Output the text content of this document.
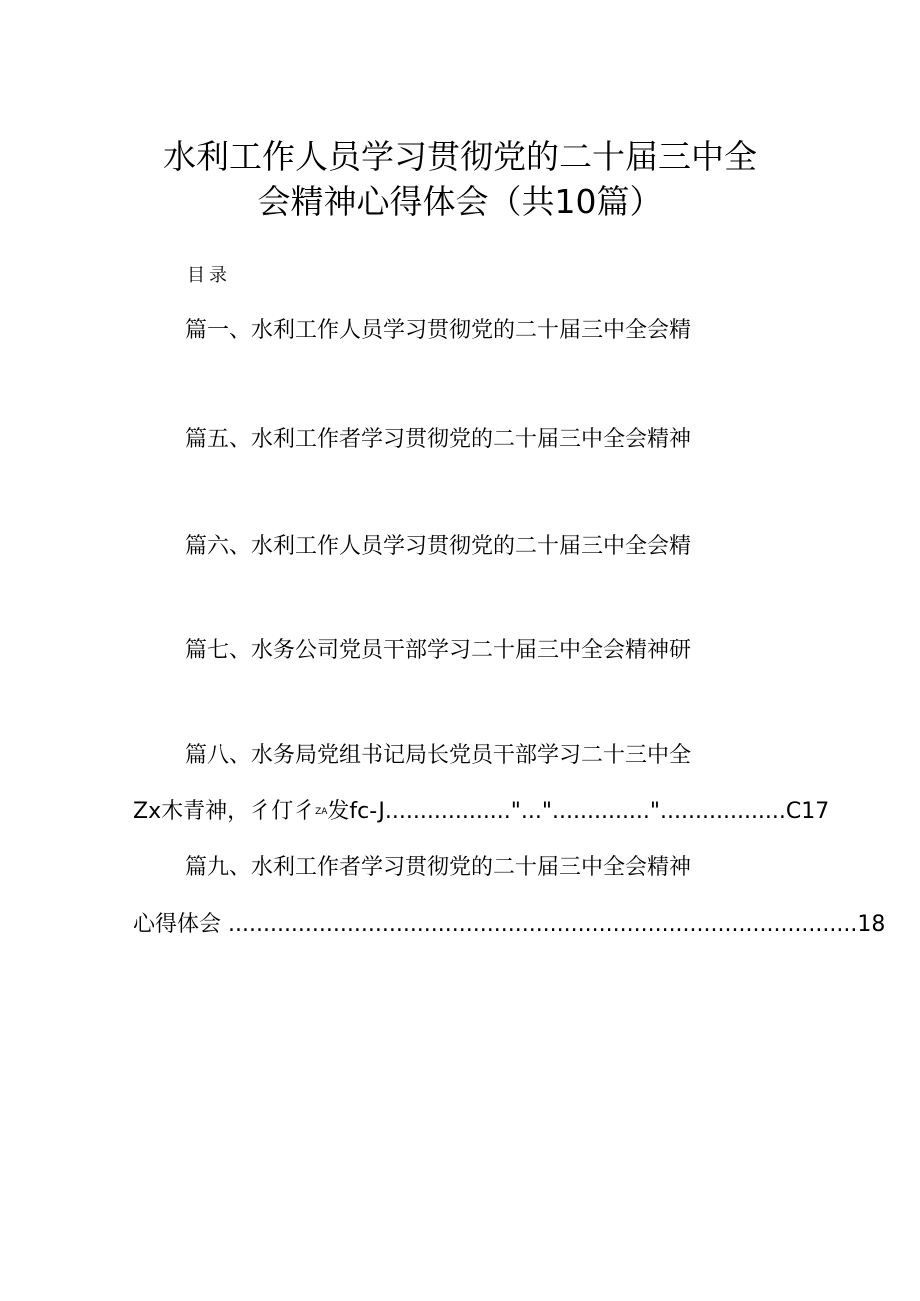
水利工作人员学习贯彻党的二十届三中全
会精神心得体会（共10篇）
目录
篇一、水利工作人员学习贯彻党的二十届三中全会精
篇五、水利工作者学习贯彻党的二十届三中全会精神
篇六、水利工作人员学习贯彻党的二十届三中全会精
篇七、水务公司党员干部学习二十届三中全会精神研
篇八、水务局党组书记局长党员干部学习二十三中全
Zx木青神，彳仃彳ZA发fc-J.................."...".............."..................C17
篇九、水利工作者学习贯彻党的二十届三中全会精神
心得体会 ..........................................................................................18
